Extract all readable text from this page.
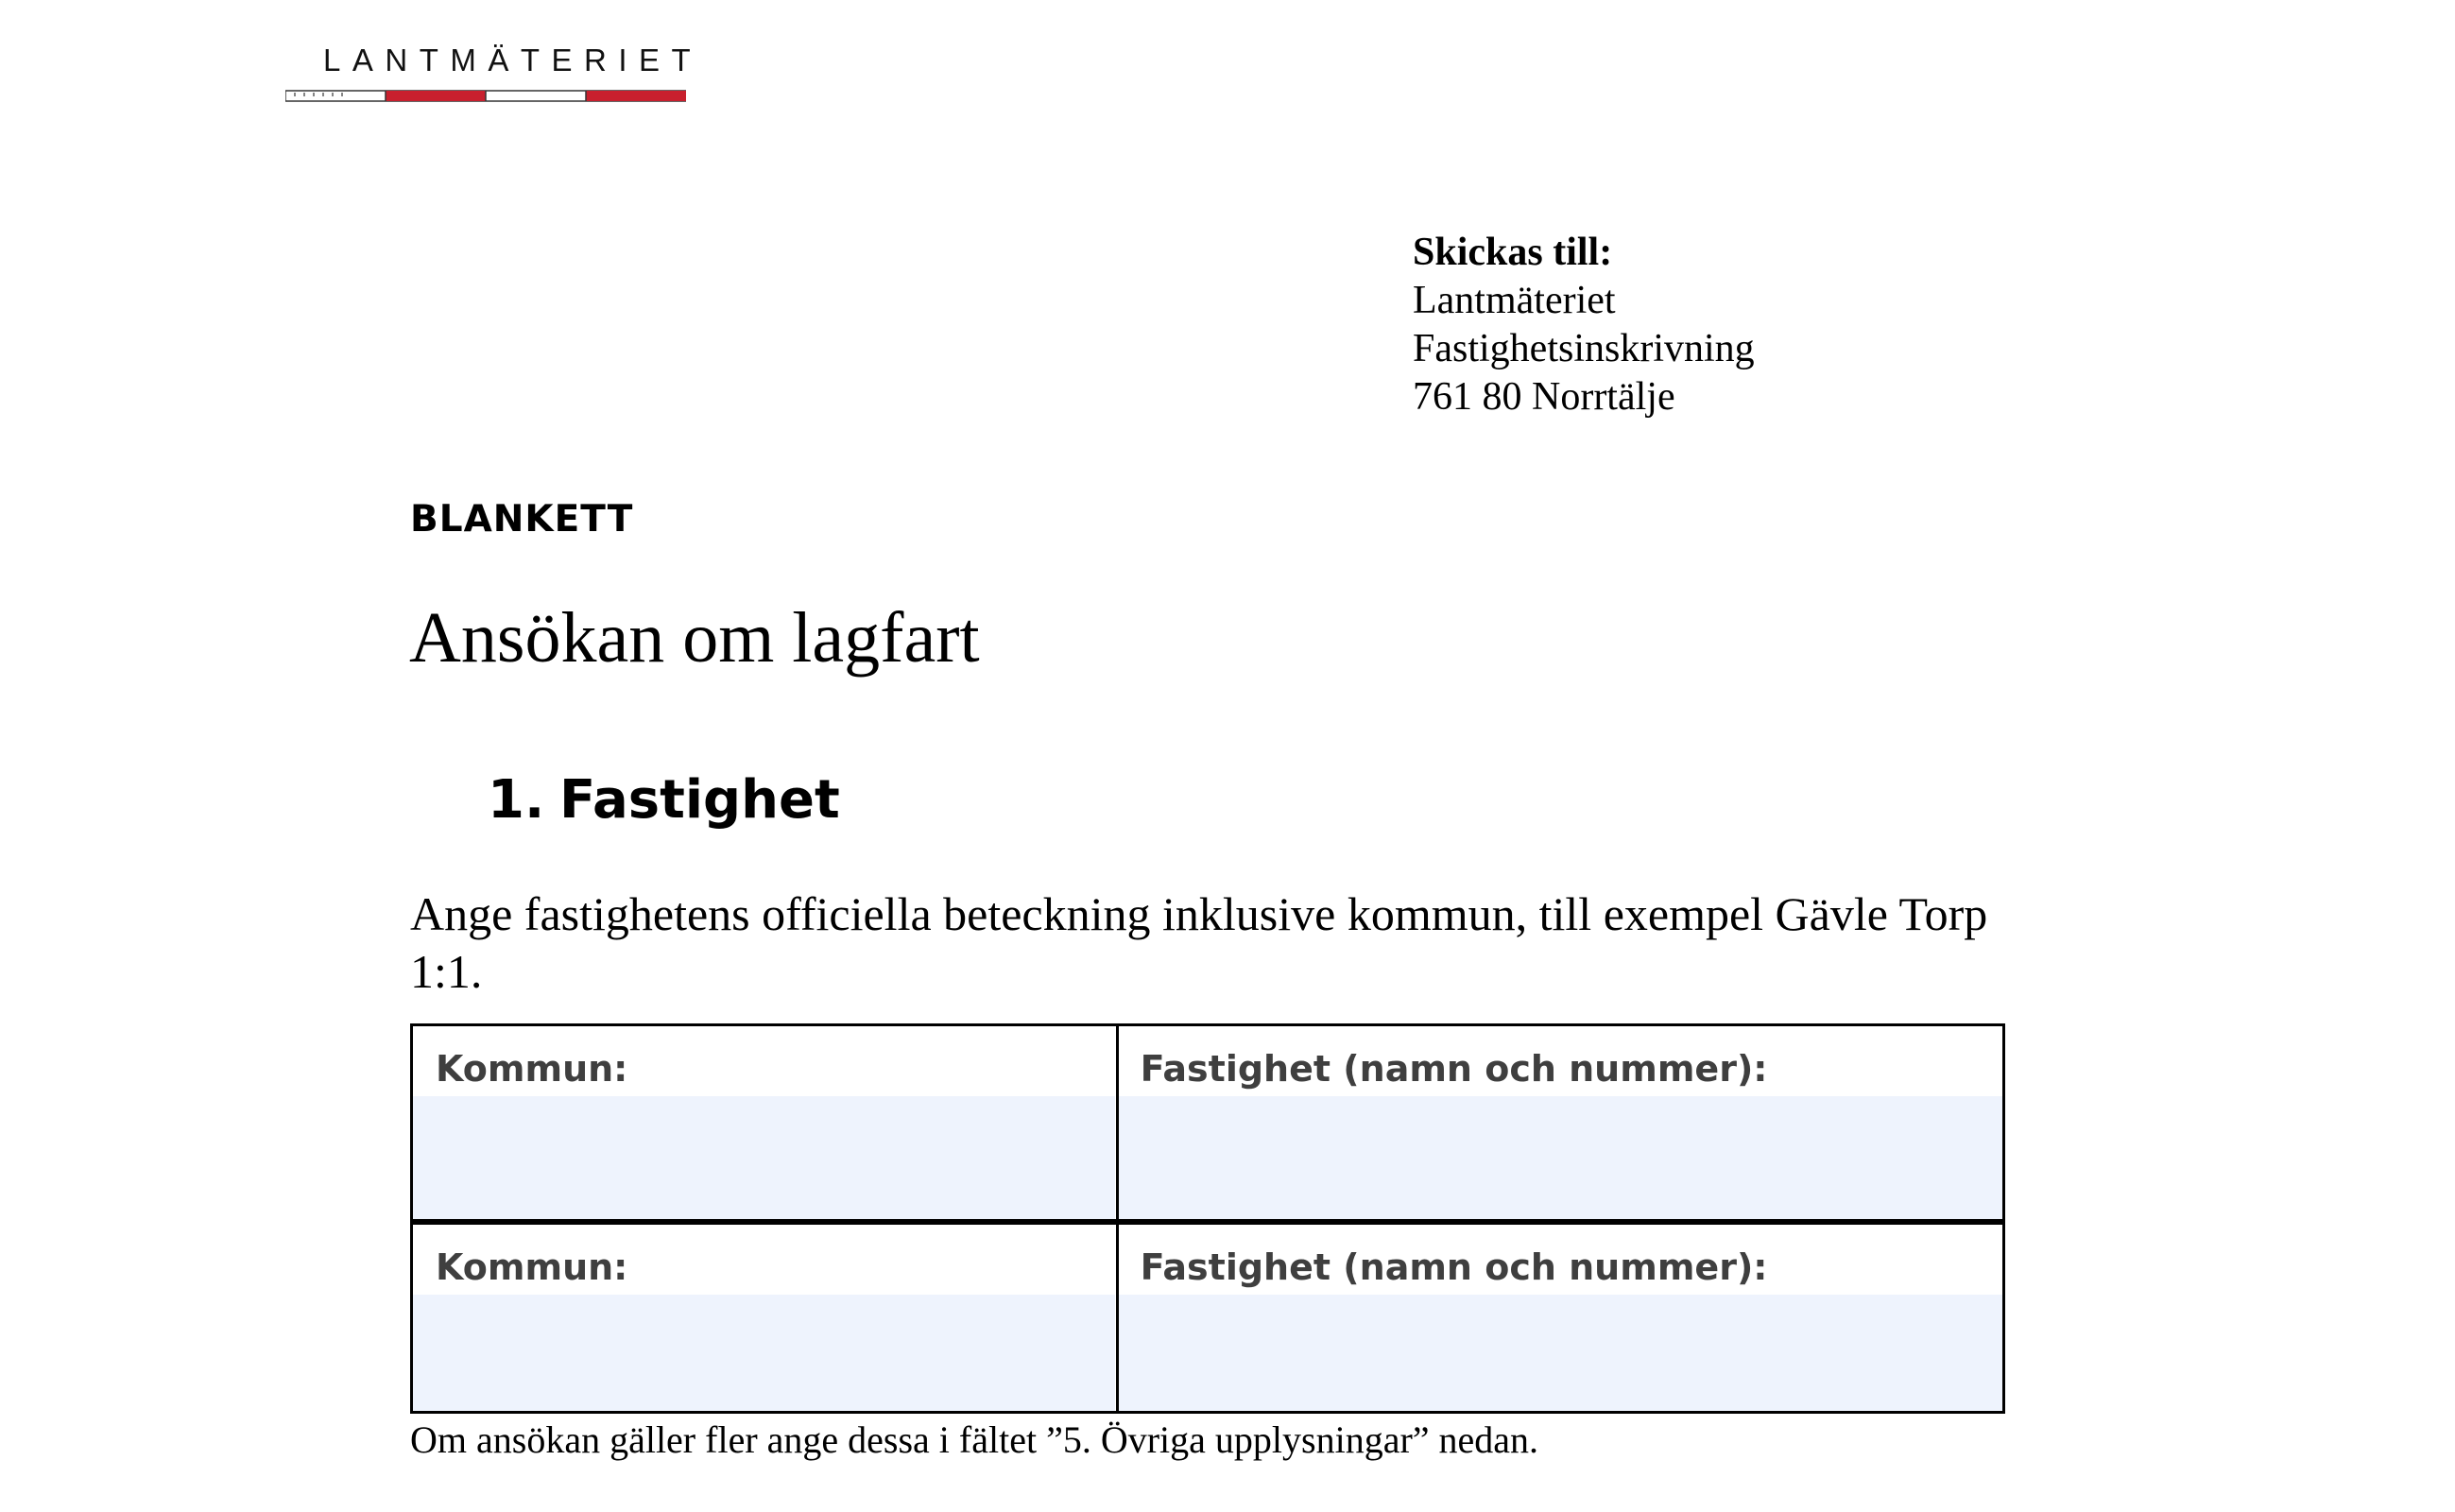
LANTMÄTERIET
Skickas till:
Lantmäteriet
Fastighetsinskrivning
761 80 Norrtälje
BLANKETT
Ansökan om lagfart
1. Fastighet
Ange fastighetens officiella beteckning inklusive kommun, till exempel Gävle Torp 1:1.
Kommun:	Fastighet (namn och nummer):
Kommun:	Fastighet (namn och nummer):
Om ansökan gäller fler ange dessa i fältet ”5. Övriga upplysningar” nedan.
